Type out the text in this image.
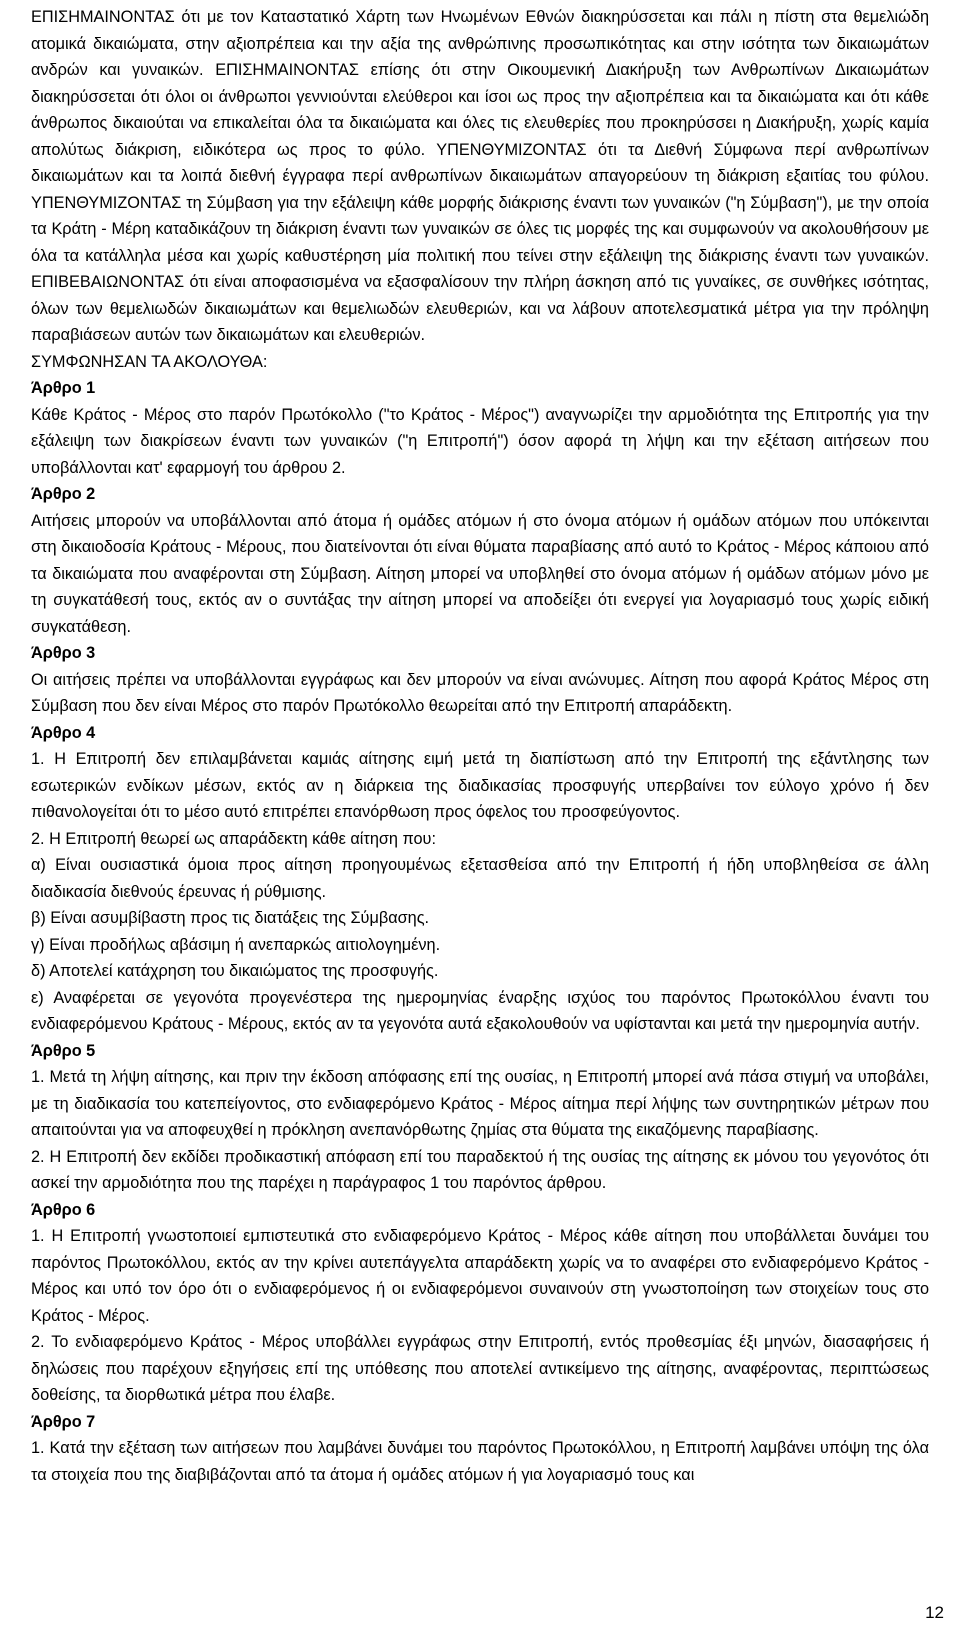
ΕΠΙΣΗΜΑΙΝΟΝΤΑΣ ότι με τον Καταστατικό Χάρτη των Ηνωμένων Εθνών διακηρύσσεται και πάλι η πίστη στα θεμελιώδη ατομικά δικαιώματα, στην αξιοπρέπεια και την αξία της ανθρώπινης προσωπικότητας και στην ισότητα των δικαιωμάτων ανδρών και γυναικών. ΕΠΙΣΗΜΑΙΝΟΝΤΑΣ επίσης ότι στην Οικουμενική Διακήρυξη των Ανθρωπίνων Δικαιωμάτων διακηρύσσεται ότι όλοι οι άνθρωποι γεννιούνται ελεύθεροι και ίσοι ως προς την αξιοπρέπεια και τα δικαιώματα και ότι κάθε άνθρωπος δικαιούται να επικαλείται όλα τα δικαιώματα και όλες τις ελευθερίες που προκηρύσσει η Διακήρυξη, χωρίς καμία απολύτως διάκριση, ειδικότερα ως προς το φύλο. ΥΠΕΝΘΥΜΙΖΟΝΤΑΣ ότι τα Διεθνή Σύμφωνα περί ανθρωπίνων δικαιωμάτων και τα λοιπά διεθνή έγγραφα περί ανθρωπίνων δικαιωμάτων απαγορεύουν τη διάκριση εξαιτίας του φύλου. ΥΠΕΝΘΥΜΙΖΟΝΤΑΣ τη Σύμβαση για την εξάλειψη κάθε μορφής διάκρισης έναντι των γυναικών ("η Σύμβαση"), με την οποία τα Κράτη - Μέρη καταδικάζουν τη διάκριση έναντι των γυναικών σε όλες τις μορφές της και συμφωνούν να ακολουθήσουν με όλα τα κατάλληλα μέσα και χωρίς καθυστέρηση μία πολιτική που τείνει στην εξάλειψη της διάκρισης έναντι των γυναικών. ΕΠΙΒΕΒΑΙΩΝΟΝΤΑΣ ότι είναι αποφασισμένα να εξασφαλίσουν την πλήρη άσκηση από τις γυναίκες, σε συνθήκες ισότητας, όλων των θεμελιωδών δικαιωμάτων και θεμελιωδών ελευθεριών, και να λάβουν αποτελεσματικά μέτρα για την πρόληψη παραβιάσεων αυτών των δικαιωμάτων και ελευθεριών.

ΣΥΜΦΩΝΗΣΑΝ ΤΑ ΑΚΟΛΟΥΘΑ:

Άρθρο 1

Κάθε Κράτος - Μέρος στο παρόν Πρωτόκολλο ("το Κράτος - Μέρος") αναγνωρίζει την αρμοδιότητα της Επιτροπής για την εξάλειψη των διακρίσεων έναντι των γυναικών ("η Επιτροπή") όσον αφορά τη λήψη και την εξέταση αιτήσεων που υποβάλλονται κατ' εφαρμογή του άρθρου 2.

Άρθρο 2

Αιτήσεις μπορούν να υποβάλλονται από άτομα ή ομάδες ατόμων ή στο όνομα ατόμων ή ομάδων ατόμων που υπόκεινται στη δικαιοδοσία Κράτους - Μέρους, που διατείνονται ότι είναι θύματα παραβίασης από αυτό το Κράτος - Μέρος κάποιου από τα δικαιώματα που αναφέρονται στη Σύμβαση. Αίτηση μπορεί να υποβληθεί στο όνομα ατόμων ή ομάδων ατόμων μόνο με τη συγκατάθεσή τους, εκτός αν ο συντάξας την αίτηση μπορεί να αποδείξει ότι ενεργεί για λογαριασμό τους χωρίς ειδική συγκατάθεση.

Άρθρο 3

Οι αιτήσεις πρέπει να υποβάλλονται εγγράφως και δεν μπορούν να είναι ανώνυμες. Αίτηση που αφορά Κράτος Μέρος στη Σύμβαση που δεν είναι Μέρος στο παρόν Πρωτόκολλο θεωρείται από την Επιτροπή απαράδεκτη.

Άρθρο 4

1. Η Επιτροπή δεν επιλαμβάνεται καμιάς αίτησης ειμή μετά τη διαπίστωση από την Επιτροπή της εξάντλησης των εσωτερικών ενδίκων μέσων, εκτός αν η διάρκεια της διαδικασίας προσφυγής υπερβαίνει τον εύλογο χρόνο ή δεν πιθανολογείται ότι το μέσο αυτό επιτρέπει επανόρθωση προς όφελος του προσφεύγοντος.

2. Η Επιτροπή θεωρεί ως απαράδεκτη κάθε αίτηση που:

α) Είναι ουσιαστικά όμοια προς αίτηση προηγουμένως εξετασθείσα από την Επιτροπή ή ήδη υποβληθείσα σε άλλη διαδικασία διεθνούς έρευνας ή ρύθμισης.

β) Είναι ασυμβίβαστη προς τις διατάξεις της Σύμβασης.

γ) Είναι προδήλως αβάσιμη ή ανεπαρκώς αιτιολογημένη.

δ) Αποτελεί κατάχρηση του δικαιώματος της προσφυγής.

ε) Αναφέρεται σε γεγονότα προγενέστερα της ημερομηνίας έναρξης ισχύος του παρόντος Πρωτοκόλλου έναντι του ενδιαφερόμενου Κράτους - Μέρους, εκτός αν τα γεγονότα αυτά εξακολουθούν να υφίστανται και μετά την ημερομηνία αυτήν.

Άρθρο 5

1. Μετά τη λήψη αίτησης, και πριν την έκδοση απόφασης επί της ουσίας, η Επιτροπή μπορεί ανά πάσα στιγμή να υποβάλει, με τη διαδικασία του κατεπείγοντος, στο ενδιαφερόμενο Κράτος - Μέρος αίτημα περί λήψης των συντηρητικών μέτρων που απαιτούνται για να αποφευχθεί η πρόκληση ανεπανόρθωτης ζημίας στα θύματα της εικαζόμενης παραβίασης.

2. Η Επιτροπή δεν εκδίδει προδικαστική απόφαση επί του παραδεκτού ή της ουσίας της αίτησης εκ μόνου του γεγονότος ότι ασκεί την αρμοδιότητα που της παρέχει η παράγραφος 1 του παρόντος άρθρου.

Άρθρο 6

1. Η Επιτροπή γνωστοποιεί εμπιστευτικά στο ενδιαφερόμενο Κράτος - Μέρος κάθε αίτηση που υποβάλλεται δυνάμει του παρόντος Πρωτοκόλλου, εκτός αν την κρίνει αυτεπάγγελτα απαράδεκτη χωρίς να το αναφέρει στο ενδιαφερόμενο Κράτος - Μέρος και υπό τον όρο ότι ο ενδιαφερόμενος ή οι ενδιαφερόμενοι συναινούν στη γνωστοποίηση των στοιχείων τους στο Κράτος - Μέρος.

2. Το ενδιαφερόμενο Κράτος - Μέρος υποβάλλει εγγράφως στην Επιτροπή, εντός προθεσμίας έξι μηνών, διασαφήσεις ή δηλώσεις που παρέχουν εξηγήσεις επί της υπόθεσης που αποτελεί αντικείμενο της αίτησης, αναφέροντας, περιπτώσεως δοθείσης, τα διορθωτικά μέτρα που έλαβε.

Άρθρο 7

1. Κατά την εξέταση των αιτήσεων που λαμβάνει δυνάμει του παρόντος Πρωτοκόλλου, η Επιτροπή λαμβάνει υπόψη της όλα τα στοιχεία που της διαβιβάζονται από τα άτομα ή ομάδες ατόμων ή για λογαριασμό τους και

12
